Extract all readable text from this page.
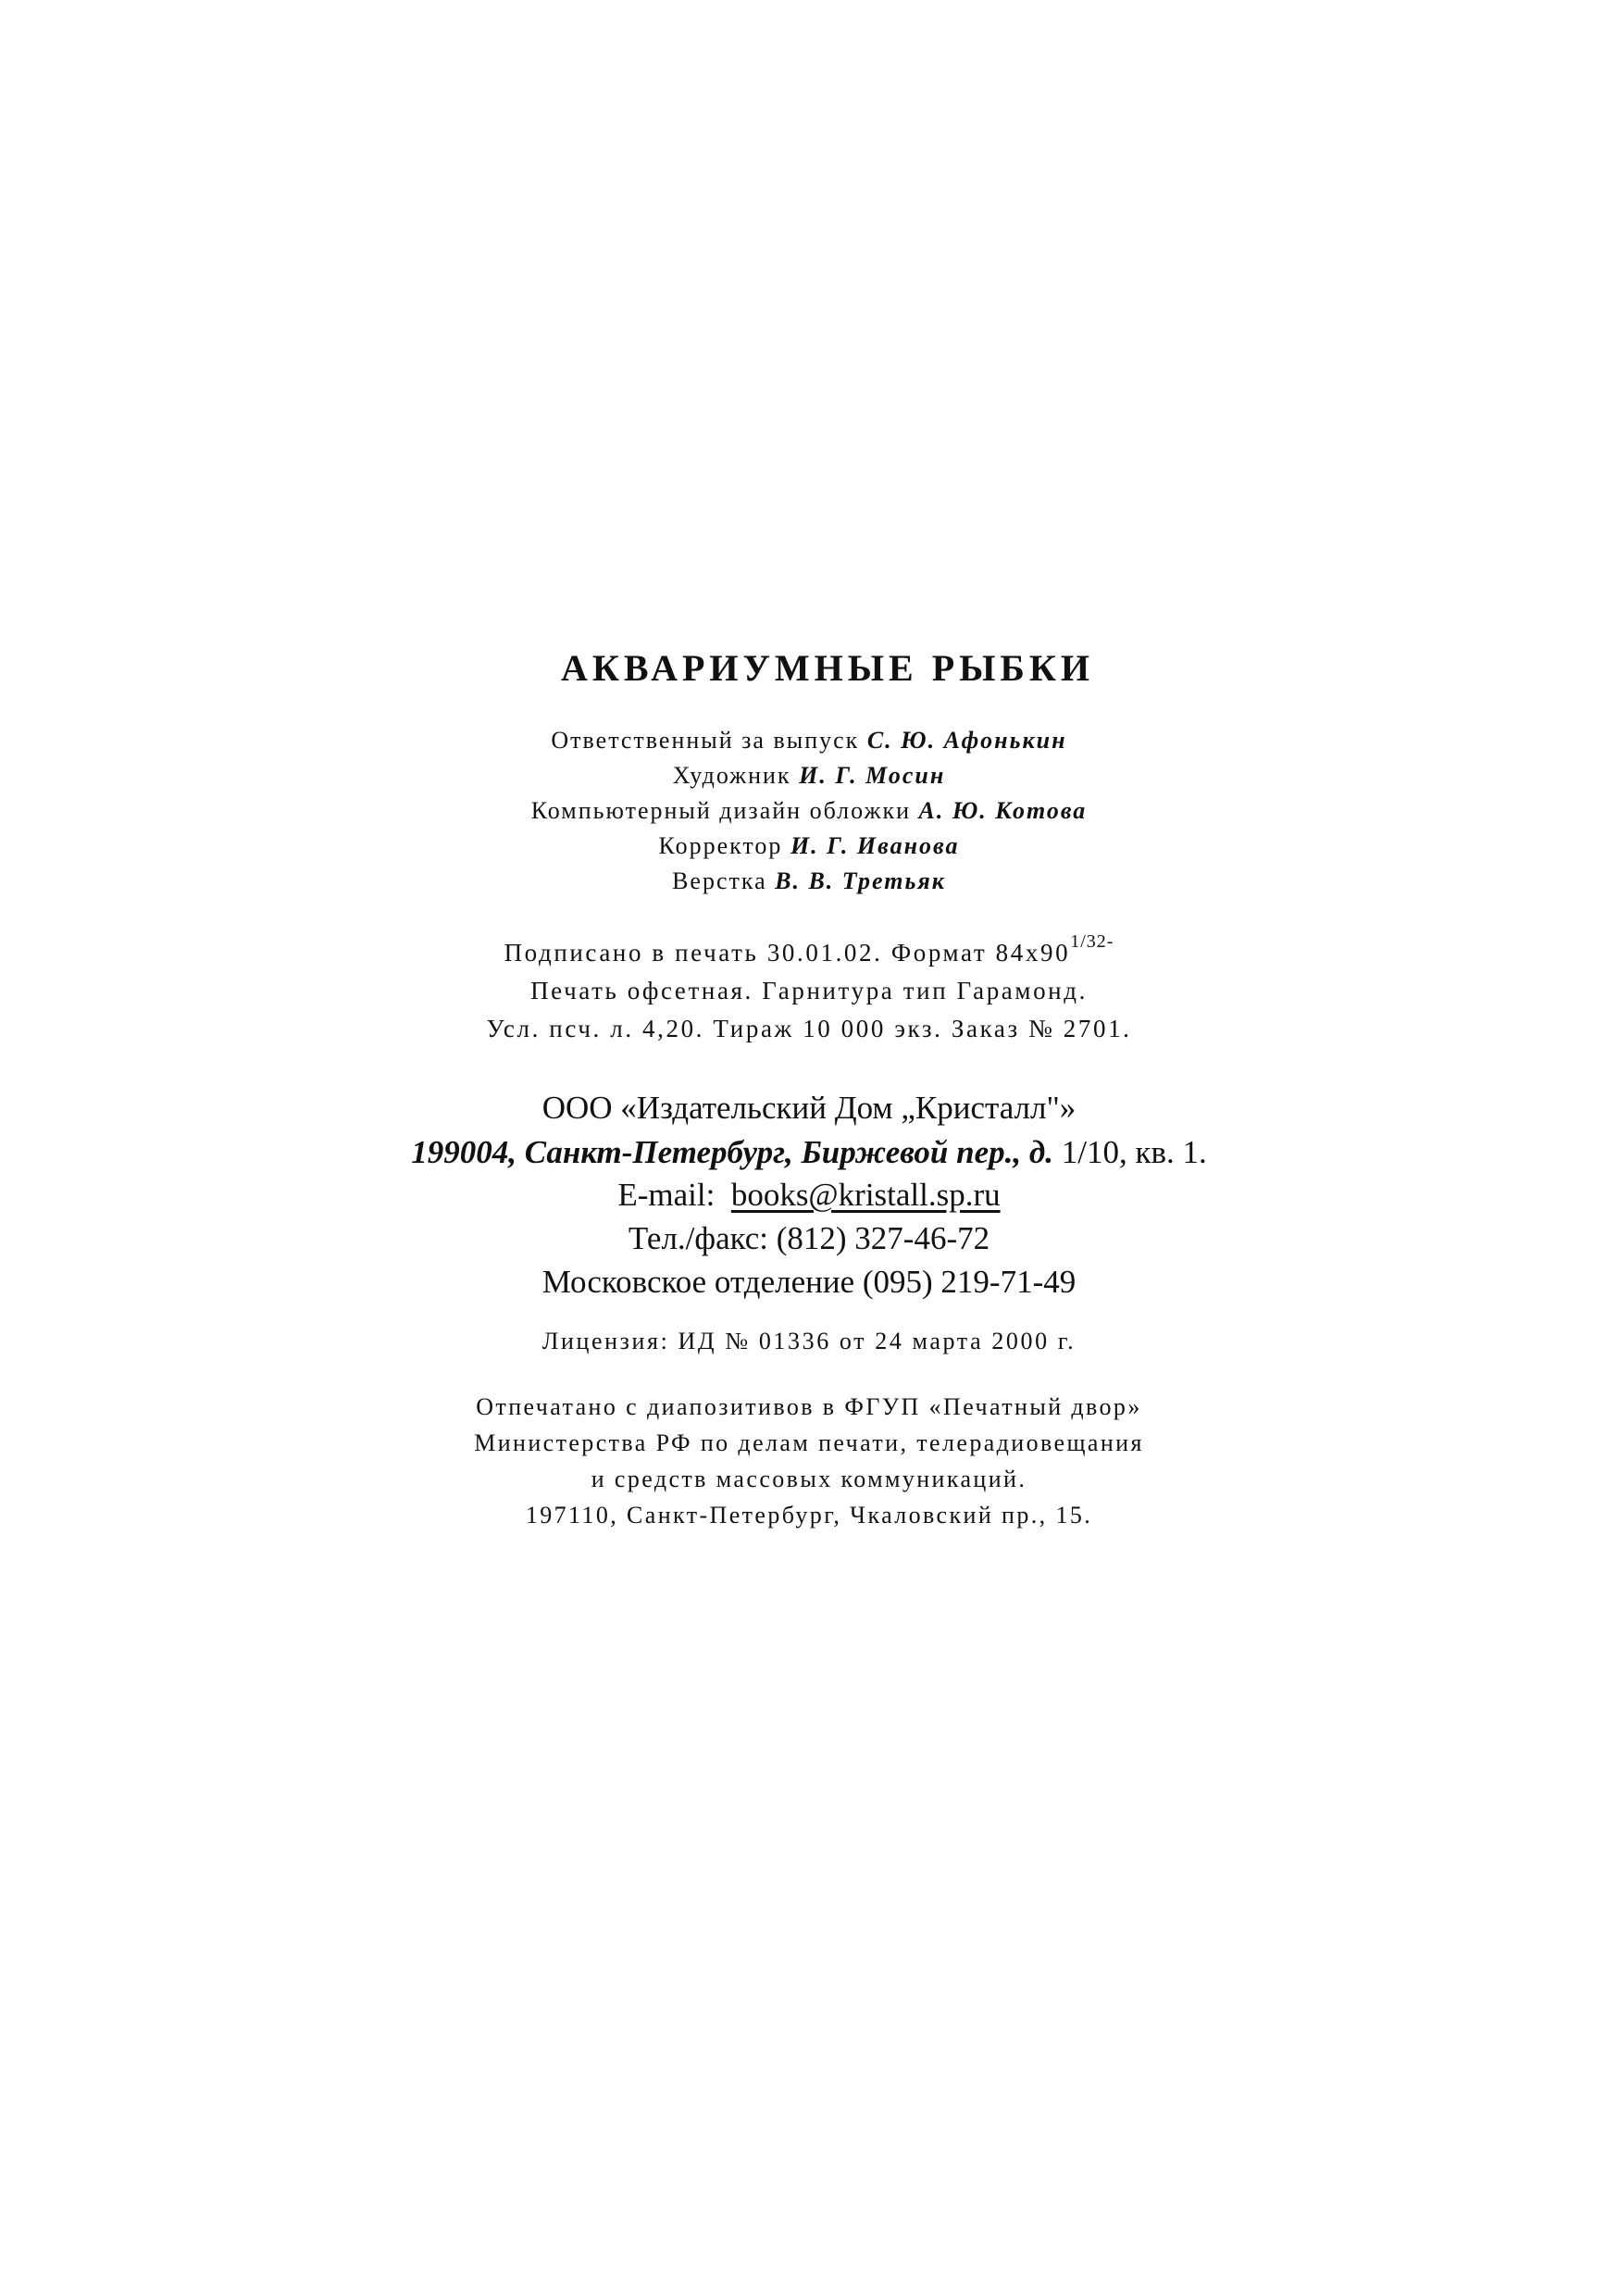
АКВАРИУМНЫЕ РЫБКИ
Ответственный за выпуск С. Ю. Афонькин
Художник И. Г. Мосин
Компьютерный дизайн обложки А. Ю. Котова
Корректор И. Г. Иванова
Верстка В. В. Третьяк
Подписано в печать 30.01.02. Формат $84x90^{1/32-}$
Печать офсетная. Гарнитура тип Гарамонд.
Усл. псч. л. 4,20. Тираж 10 000 экз. Заказ № 2701.
ООО «Издательский Дом „Кристалл"»
199004, Санкт-Петербург, Биржевой пер., д. 1/10, кв. 1.
E-mail: books@kristall.sp.ru
Тел./факс: (812) 327-46-72
Московское отделение (095) 219-71-49
Лицензия: ИД № 01336 от 24 марта 2000 г.
Отпечатано с диапозитивов в ФГУП «Печатный двор»
Министерства РФ по делам печати, телерадиовещания
и средств массовых коммуникаций.
197110, Санкт-Петербург, Чкаловский пр., 15.
